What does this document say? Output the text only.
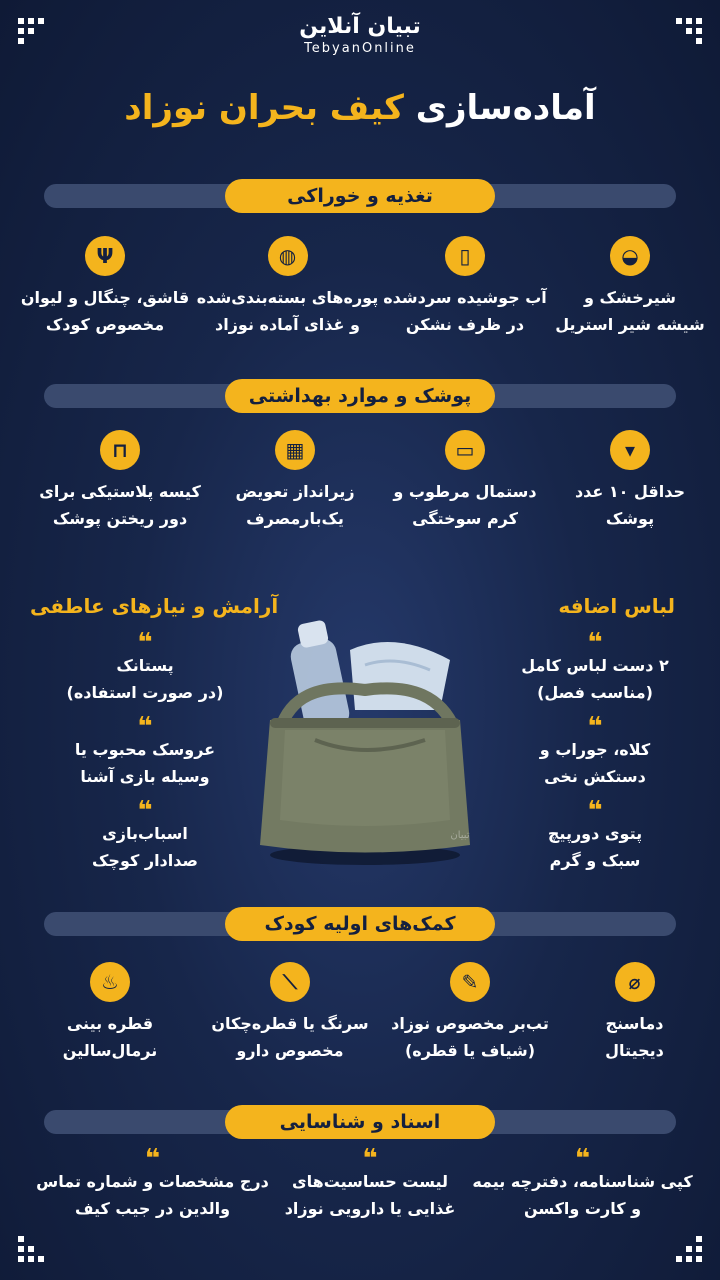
تبیان آنلاین
TebyanOnline
آماده‌سازی کیف بحران نوزاد
تغذیه و خوراکی
◒
شیرخشک و
شیشه شیر استریل
▯
آب جوشیده سردشده
در ظرف نشکن
◍
پوره‌های بسته‌بندی‌شده
و غذای آماده نوزاد
Ψ
قاشق، چنگال و لیوان
مخصوص کودک
پوشک و موارد بهداشتی
▾
حداقل ۱۰ عدد
پوشک
▭
دستمال مرطوب و
کرم سوختگی
▦
زیرانداز تعویض
یک‌بارمصرف
⊓
کیسه پلاستیکی برای
دور ریختن پوشک
لباس اضافه
آرامش و نیازهای عاطفی
❝
۲ دست لباس کامل
(مناسب فصل)
❝
کلاه، جوراب و
دستکش نخی
❝
پتوی دورپیچ
سبک و گرم
❝
پستانک
(در صورت استفاده)
❝
عروسک محبوب یا
وسیله بازی آشنا
❝
اسباب‌بازی
صدادار کوچک
تبیان
کمک‌های اولیه کودک
⌀
دماسنج
دیجیتال
✎
تب‌بر مخصوص نوزاد
(شیاف یا قطره)
⟋
سرنگ یا قطره‌چکان
مخصوص دارو
♨
قطره بینی
نرمال‌سالین
اسناد و شناسایی
❝
کپی شناسنامه، دفترچه بیمه
و کارت واکسن
❝
لیست حساسیت‌های
غذایی یا دارویی نوزاد
❝
درج مشخصات و شماره تماس
والدین در جیب کیف
